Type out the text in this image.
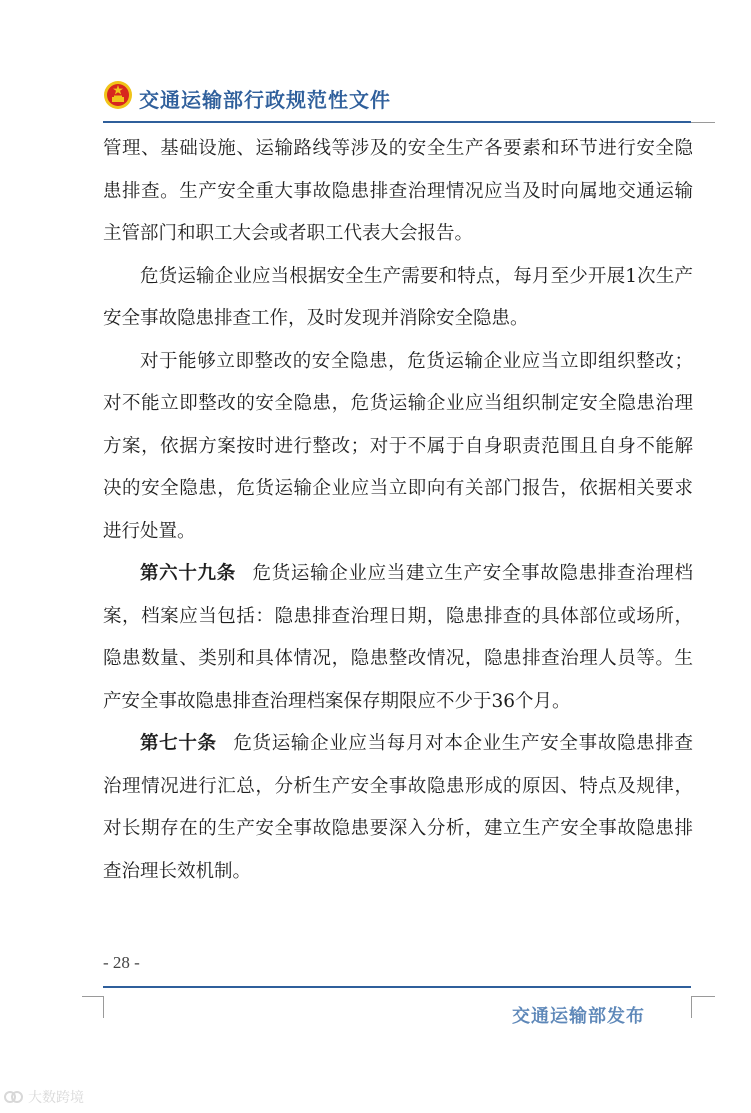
交通运输部行政规范性文件

管理、基础设施、运输路线等涉及的安全生产各要素和环节进行安全隐患排查。生产安全重大事故隐患排查治理情况应当及时向属地交通运输主管部门和职工大会或者职工代表大会报告。

危货运输企业应当根据安全生产需要和特点，每月至少开展1次生产安全事故隐患排查工作，及时发现并消除安全隐患。

对于能够立即整改的安全隐患，危货运输企业应当立即组织整改；对不能立即整改的安全隐患，危货运输企业应当组织制定安全隐患治理方案，依据方案按时进行整改；对于不属于自身职责范围且自身不能解决的安全隐患，危货运输企业应当立即向有关部门报告，依据相关要求进行处置。

第六十九条 危货运输企业应当建立生产安全事故隐患排查治理档案，档案应当包括：隐患排查治理日期，隐患排查的具体部位或场所，隐患数量、类别和具体情况，隐患整改情况，隐患排查治理人员等。生产安全事故隐患排查治理档案保存期限应不少于36个月。

第七十条 危货运输企业应当每月对本企业生产安全事故隐患排查治理情况进行汇总，分析生产安全事故隐患形成的原因、特点及规律，对长期存在的生产安全事故隐患要深入分析，建立生产安全事故隐患排查治理长效机制。

- 28 -
交通运输部发布
大数跨境
